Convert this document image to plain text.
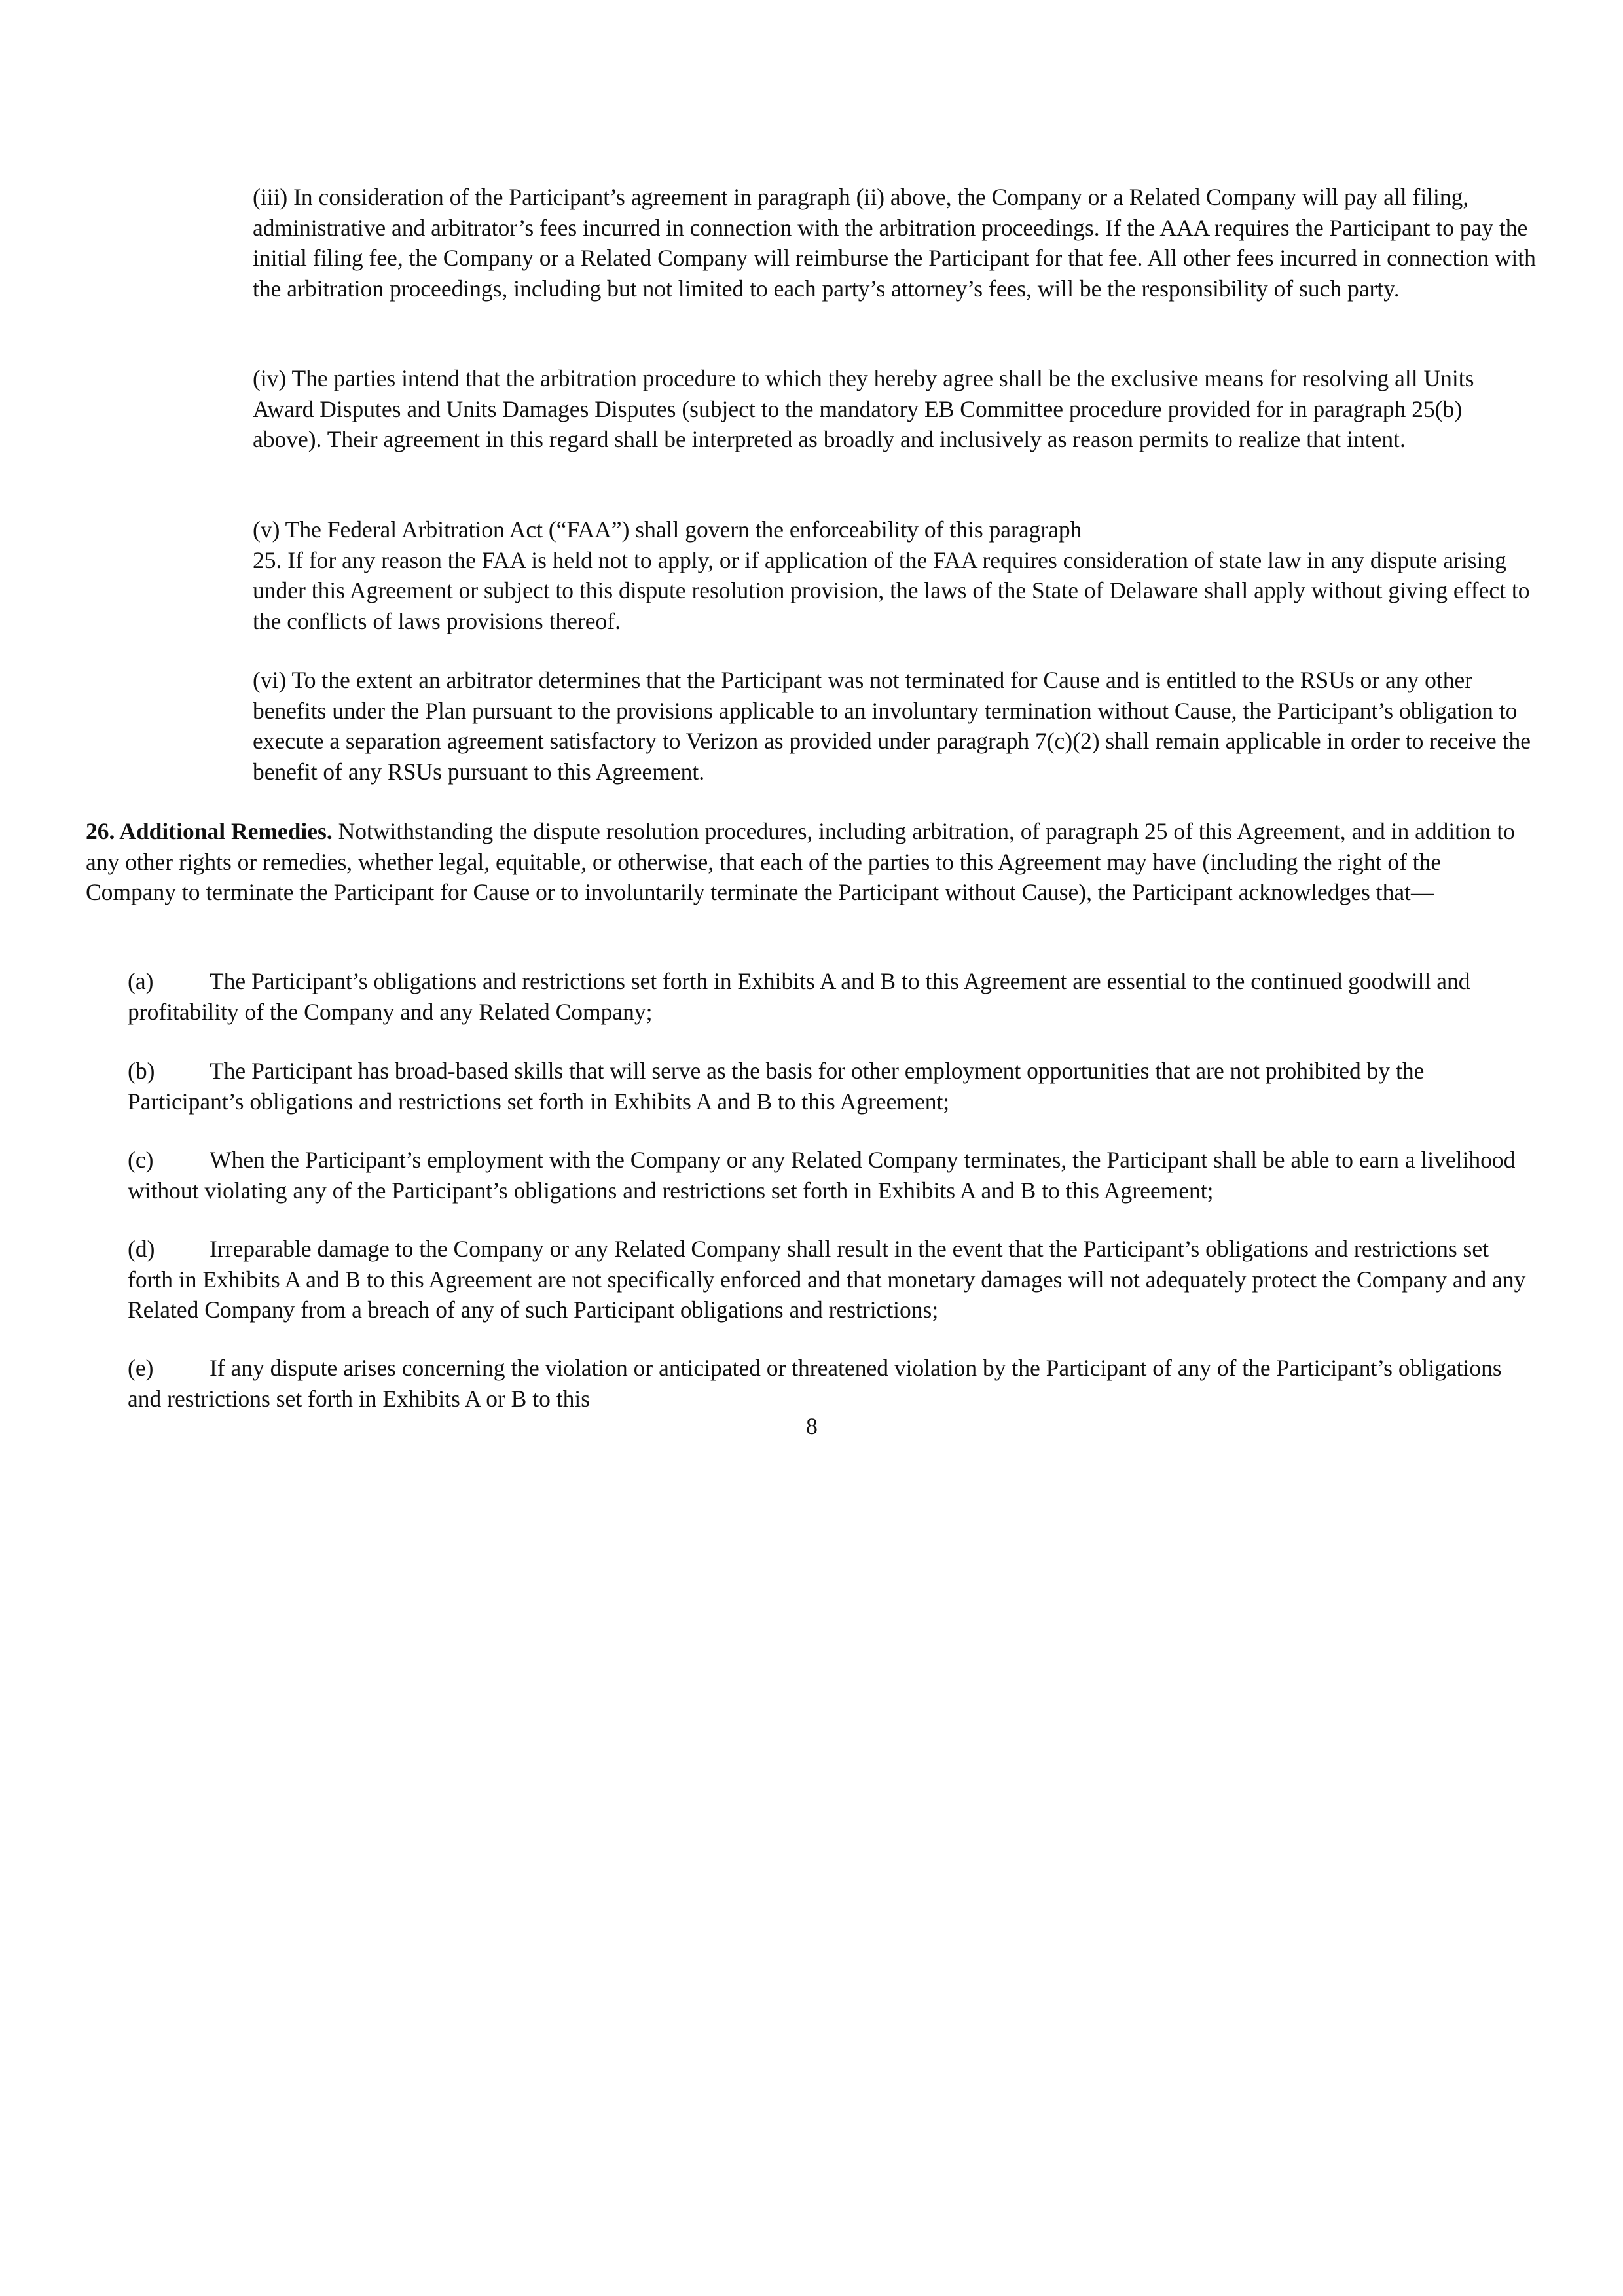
(iii) In consideration of the Participant’s agreement in paragraph (ii) above, the Company or a Related Company will pay all filing, administrative and arbitrator’s fees incurred in connection with the arbitration proceedings. If the AAA requires the Participant to pay the initial filing fee, the Company or a Related Company will reimburse the Participant for that fee. All other fees incurred in connection with the arbitration proceedings, including but not limited to each party’s attorney’s fees, will be the responsibility of such party.

(iv) The parties intend that the arbitration procedure to which they hereby agree shall be the exclusive means for resolving all Units Award Disputes and Units Damages Disputes (subject to the mandatory EB Committee procedure provided for in paragraph 25(b) above). Their agreement in this regard shall be interpreted as broadly and inclusively as reason permits to realize that intent.

(v) The Federal Arbitration Act (“FAA”) shall govern the enforceability of this paragraph
25. If for any reason the FAA is held not to apply, or if application of the FAA requires consideration of state law in any dispute arising under this Agreement or subject to this dispute resolution provision, the laws of the State of Delaware shall apply without giving effect to the conflicts of laws provisions thereof.

(vi) To the extent an arbitrator determines that the Participant was not terminated for Cause and is entitled to the RSUs or any other benefits under the Plan pursuant to the provisions applicable to an involuntary termination without Cause, the Participant’s obligation to execute a separation agreement satisfactory to Verizon as provided under paragraph 7(c)(2) shall remain applicable in order to receive the benefit of any RSUs pursuant to this Agreement.

26. Additional Remedies. Notwithstanding the dispute resolution procedures, including arbitration, of paragraph 25 of this Agreement, and in addition to any other rights or remedies, whether legal, equitable, or otherwise, that each of the parties to this Agreement may have (including the right of the Company to terminate the Participant for Cause or to involuntarily terminate the Participant without Cause), the Participant acknowledges that—

(a) The Participant’s obligations and restrictions set forth in Exhibits A and B to this Agreement are essential to the continued goodwill and profitability of the Company and any Related Company;

(b) The Participant has broad-based skills that will serve as the basis for other employment opportunities that are not prohibited by the Participant’s obligations and restrictions set forth in Exhibits A and B to this Agreement;

(c) When the Participant’s employment with the Company or any Related Company terminates, the Participant shall be able to earn a livelihood without violating any of the Participant’s obligations and restrictions set forth in Exhibits A and B to this Agreement;

(d) Irreparable damage to the Company or any Related Company shall result in the event that the Participant’s obligations and restrictions set forth in Exhibits A and B to this Agreement are not specifically enforced and that monetary damages will not adequately protect the Company and any Related Company from a breach of any of such Participant obligations and restrictions;

(e) If any dispute arises concerning the violation or anticipated or threatened violation by the Participant of any of the Participant’s obligations and restrictions set forth in Exhibits A or B to this

8
